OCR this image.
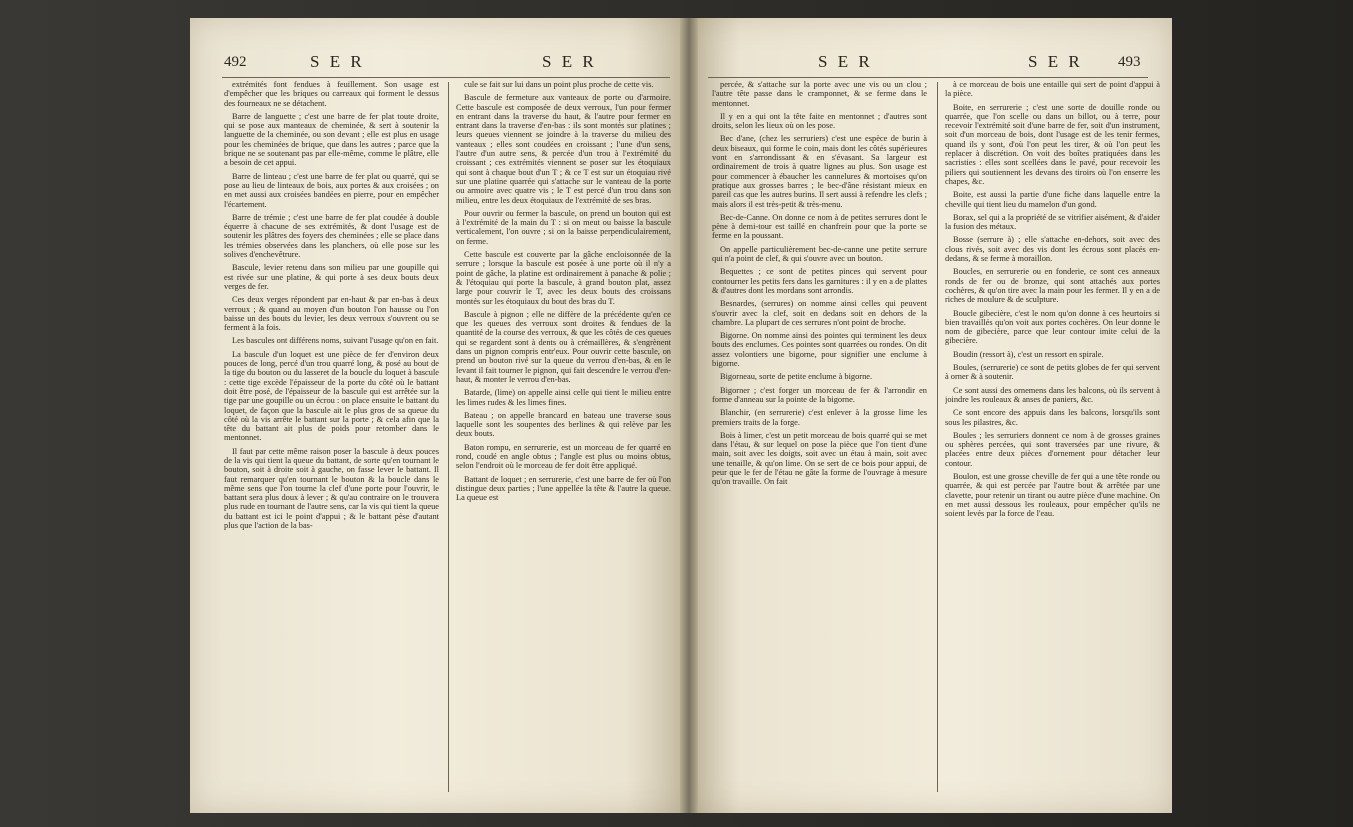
492	S E R	S E R	S E R	S E R 493

extrémités font fendues à feuillement. Son usage est d'empêcher que les briques ou carreaux qui forment le dessus des fourneaux ne se détachent.

Barre de languette ; c'est une barre de fer plat toute droite, qui se pose aux manteaux de cheminée, & sert à soutenir la languette de la cheminée, ou son devant ; elle est plus en usage pour les cheminées de brique, que dans les autres ; parce que la brique ne se soutenant pas par elle-même, comme le plâtre, elle a besoin de cet appui.

Barre de linteau ; c'est une barre de fer plat ou quarré, qui se pose au lieu de linteaux de bois, aux portes & aux croisées ; on en met aussi aux croisées bandées en pierre, pour en empêcher l'écartement.

Barre de trémie ; c'est une barre de fer plat coudée à double équerre à chacune de ses extrémités, & dont l'usage est de soutenir les plâtres des foyers des cheminées ; elle se place dans les trémies observées dans les planchers, où elle pose sur les solives d'enchevêtrure.

Bascule, levier retenu dans son milieu par une goupille qui est rivée sur une platine, & qui porte à ses deux bouts deux verges de fer.

Ces deux verges répondent par en-haut & par en-bas à deux verroux ; & quand au moyen d'un bouton l'on hausse ou l'on baisse un des bouts du levier, les deux verroux s'ouvrent ou se ferment à la fois.

Les bascules ont différens noms, suivant l'usage qu'on en fait.

La bascule d'un loquet est une pièce de fer d'environ deux pouces de long, percé d'un trou quarré long, & posé au bout de la tige du bouton ou du lasseret de la boucle du loquet à bascule : cette tige excède l'épaisseur de la porte du côté où le battant doit être posé, de l'épaisseur de la bascule qui est arrêtée sur la tige par une goupille ou un écrou : on place ensuite le battant du loquet, de façon que la bascule ait le plus gros de sa queue du côté où la vis arrête le battant sur la porte ; & cela afin que la tête du battant ait plus de poids pour retomber dans le mentonnet.

Il faut par cette même raison poser la bascule à deux pouces de la vis qui tient la queue du battant, de sorte qu'en tournant le bouton, soit à droite soit à gauche, on fasse lever le battant. Il faut remarquer qu'en tournant le bouton & la boucle dans le même sens que l'on tourne la clef d'une porte pour l'ouvrir, le battant sera plus doux à lever ; & qu'au contraire on le trouvera plus rude en tournant de l'autre sens, car la vis qui tient la queue du battant est ici le point d'appui ; & le battant pèse d'autant plus que l'action de la bas-

cule se fait sur lui dans un point plus proche de cette vis.

Bascule de fermeture aux vanteaux de porte ou d'armoire. Cette bascule est composée de deux verroux, l'un pour fermer en entrant dans la traverse du haut, & l'autre pour fermer en entrant dans la traverse d'en-bas : ils sont montés sur platines ; leurs queues viennent se joindre à la traverse du milieu des vanteaux ; elles sont coudées en croissant ; l'une d'un sens, l'autre d'un autre sens, & percée d'un trou à l'extrémité du croissant ; ces extrémités viennent se poser sur les étoquiaux qui sont à chaque bout d'un T ; & ce T est sur un étoquiau rivé sur une platine quarrée qui s'attache sur le vanteau de la porte ou armoire avec quatre vis ; le T est percé d'un trou dans son milieu, entre les deux étoquiaux de l'extrémité de ses bras.

Pour ouvrir ou fermer la bascule, on prend un bouton qui est à l'extrémité de la main du T : si on meut ou baisse la bascule verticalement, l'on ouvre ; si on la baisse perpendiculairement, on ferme.

Cette bascule est couverte par la gâche encloisonnée de la serrure ; lorsque la bascule est posée à une porte où il n'y a point de gâche, la platine est ordinairement à panache & polie ; & l'étoquiau qui porte la bascule, à grand bouton plat, assez large pour couvrir le T, avec les deux bouts des croissans montés sur les étoquiaux du bout des bras du T.

Bascule à pignon ; elle ne diffère de la précédente qu'en ce que les queues des verroux sont droites & fendues de la quantité de la course des verroux, & que les côtés de ces queues qui se regardent sont à dents ou à crémaillères, & s'engrènent dans un pignon compris entr'eux. Pour ouvrir cette bascule, on prend un bouton rivé sur la queue du verrou d'en-bas, & en le levant il fait tourner le pignon, qui fait descendre le verrou d'en-haut, & monter le verrou d'en-bas.

Batarde, (lime) on appelle ainsi celle qui tient le milieu entre les limes rudes & les limes fines.

Bateau ; on appelle brancard en bateau une traverse sous laquelle sont les soupentes des berlines & qui relève par les deux bouts.

Baton rompu, en serrurerie, est un morceau de fer quarré en rond, coudé en angle obtus ; l'angle est plus ou moins obtus, selon l'endroit où le morceau de fer doit être appliqué.

Battant de loquet ; en serrurerie, c'est une barre de fer où l'on distingue deux parties ; l'une appellée la tête & l'autre la queue. La queue est

percée, & s'attache sur la porte avec une vis ou un clou ; l'autre tête passe dans le cramponnet, & se ferme dans le mentonnet.

Il y en a qui ont la tête faite en mentonnet ; d'autres sont droits, selon les lieux où on les pose.

Bec d'ane, (chez les serruriers) c'est une espèce de burin à deux biseaux, qui forme le coin, mais dont les côtés supérieures vont en s'arrondissant & en s'évasant. Sa largeur est ordinairement de trois à quatre lignes au plus. Son usage est pour commencer à ébaucher les cannelures & mortoises qu'on pratique aux grosses barres ; le bec-d'âne résistant mieux en pareil cas que les autres burins. Il sert aussi à refendre les clefs ; mais alors il est très-petit & très-menu.

Bec-de-Canne. On donne ce nom à de petites serrures dont le pène à demi-tour est taillé en chanfrein pour que la porte se ferme en la poussant.

On appelle particulièrement bec-de-canne une petite serrure qui n'a point de clef, & qui s'ouvre avec un bouton.

Bequettes ; ce sont de petites pinces qui servent pour contourner les petits fers dans les garnitures : il y en a de plattes & d'autres dont les mordans sont arrondis.

Besnardes, (serrures) on nomme ainsi celles qui peuvent s'ouvrir avec la clef, soit en dedans soit en dehors de la chambre. La plupart de ces serrures n'ont point de broche.

Bigorne. On nomme ainsi des pointes qui terminent les deux bouts des enclumes. Ces pointes sont quarrées ou rondes. On dit assez volontiers une bigorne, pour signifier une enclume à bigorne.

Bigorneau, sorte de petite enclume à bigorne.

Bigorner ; c'est forger un morceau de fer & l'arrondir en forme d'anneau sur la pointe de la bigorne.

Blanchir, (en serrurerie) c'est enlever à la grosse lime les premiers traits de la forge.

Bois à limer, c'est un petit morceau de bois quarré qui se met dans l'étau, & sur lequel on pose la pièce que l'on tient d'une main, soit avec les doigts, soit avec un étau à main, soit avec une tenaille, & qu'on lime. On se sert de ce bois pour appui, de peur que le fer de l'étau ne gâte la forme de l'ouvrage à mesure qu'on travaille. On fait

à ce morceau de bois une entaille qui sert de point d'appui à la pièce.

Boite, en serrurerie ; c'est une sorte de douille ronde ou quarrée, que l'on scelle ou dans un billot, ou à terre, pour recevoir l'extrémité soit d'une barre de fer, soit d'un instrument, soit d'un morceau de bois, dont l'usage est de les tenir fermes, quand ils y sont, d'où l'on peut les tirer, & où l'on peut les replacer à discrétion. On voit des boîtes pratiquées dans les sacristies : elles sont scellées dans le pavé, pour recevoir les piliers qui soutiennent les devans des tiroirs où l'on enserre les chapes, &c.

Boite, est aussi la partie d'une fiche dans laquelle entre la cheville qui tient lieu du mamelon d'un gond.

Borax, sel qui a la propriété de se vitrifier aisément, & d'aider la fusion des métaux.

Bosse (serrure à) ; elle s'attache en-dehors, soit avec des clous rivés, soit avec des vis dont les écrous sont placés en-dedans, & se ferme à moraillon.

Boucles, en serrurerie ou en fonderie, ce sont ces anneaux ronds de fer ou de bronze, qui sont attachés aux portes cochères, & qu'on tire avec la main pour les fermer. Il y en a de riches de moulure & de sculpture.

Boucle gibecière, c'est le nom qu'on donne à ces heurtoirs si bien travaillés qu'on voit aux portes cochères. On leur donne le nom de gibecière, parce que leur contour imite celui de la gibecière.

Boudin (ressort à), c'est un ressort en spirale.

Boules, (serrurerie) ce sont de petits globes de fer qui servent à orner & à soutenir.

Ce sont aussi des ornemens dans les balcons, où ils servent à joindre les rouleaux & anses de paniers, &c.

Ce sont encore des appuis dans les balcons, lorsqu'ils sont sous les pilastres, &c.

Boules ; les serruriers donnent ce nom à de grosses graines ou sphères percées, qui sont traversées par une rivure, & placées entre deux pièces d'ornement pour détacher leur contour.

Boulon, est une grosse cheville de fer qui a une tête ronde ou quarrée, & qui est percée par l'autre bout & arrêtée par une clavette, pour retenir un tirant ou autre pièce d'une machine. On en met aussi dessous les rouleaux, pour empêcher qu'ils ne soient levés par la force de l'eau.
